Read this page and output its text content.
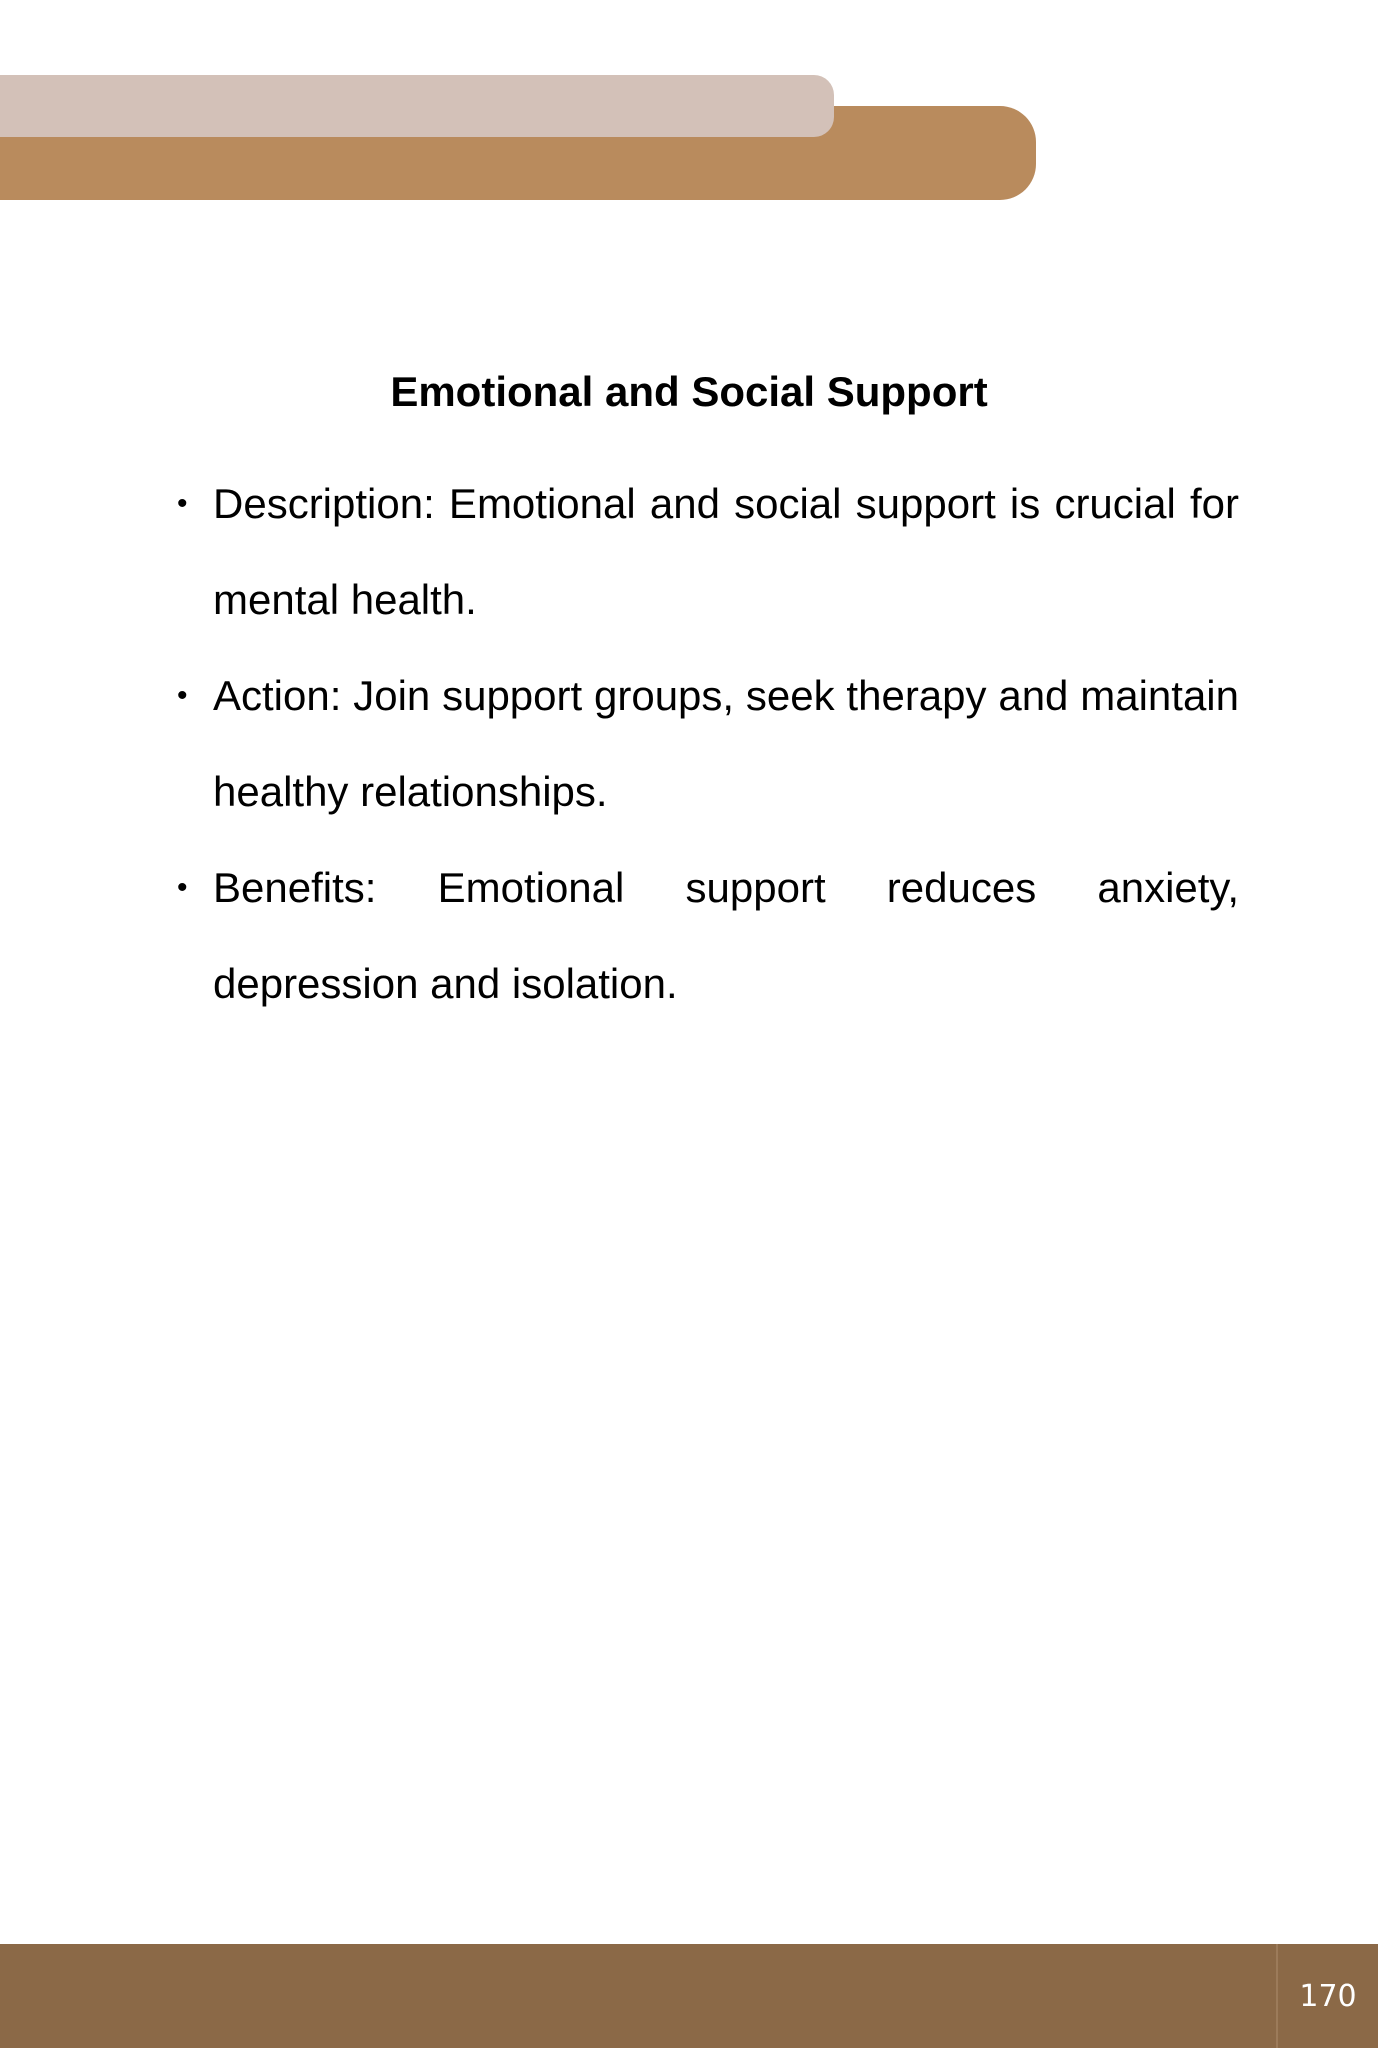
Emotional and Social Support
• Description: Emotional and social support is crucial for mental health.
• Action: Join support groups, seek therapy and maintain healthy relationships.
• Benefits: Emotional support reduces anxiety, depression and isolation.
170
